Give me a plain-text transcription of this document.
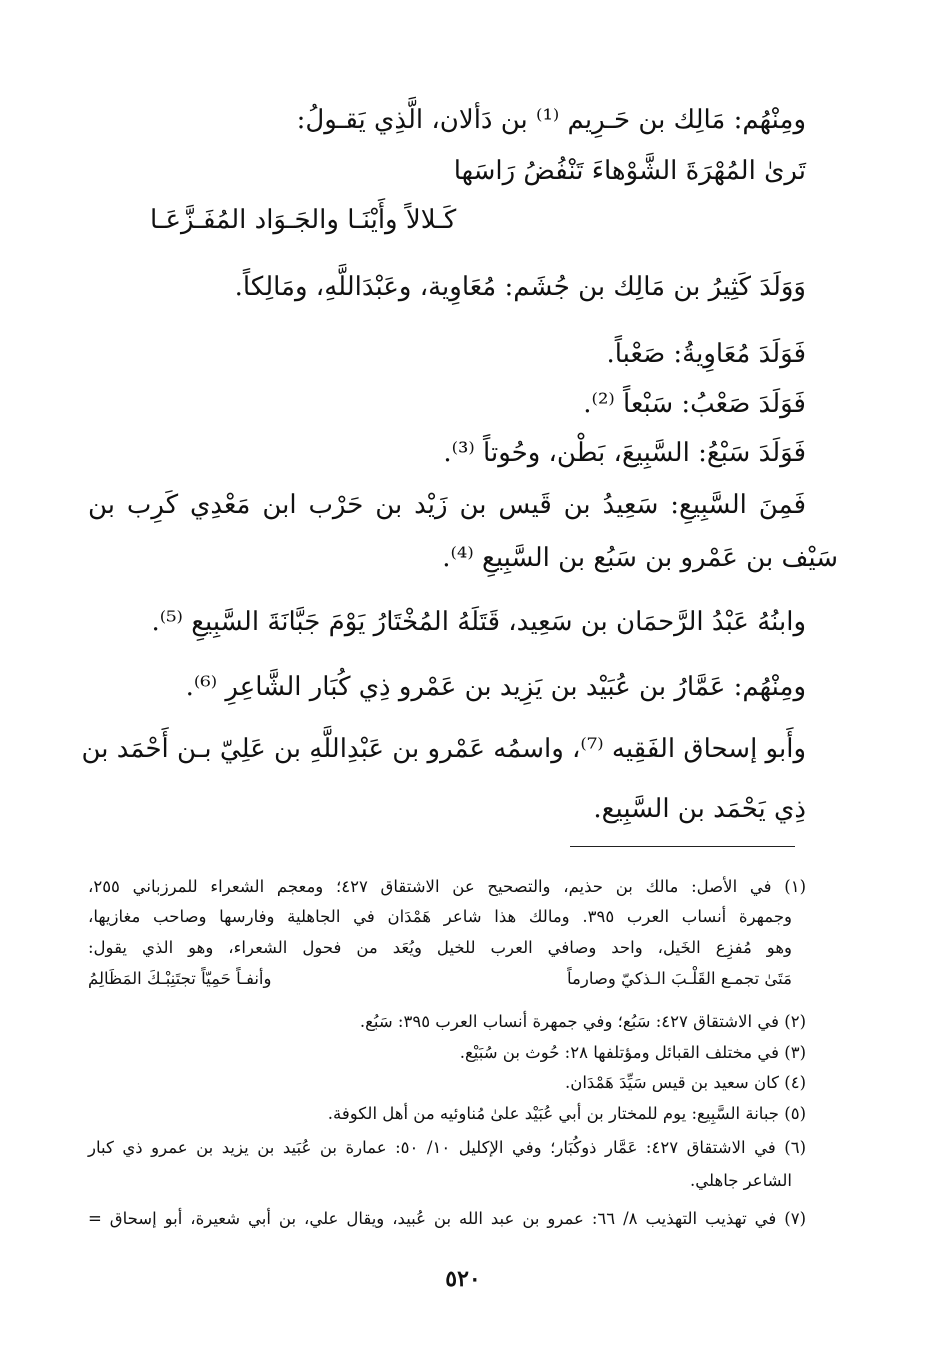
ومِنْهُم: مَالِك بن حَـرِيم ⁽¹⁾ بن دَألان، الَّذِي يَقـولُ:
تَرىٰ المُهْرَةَ الشَّوْهاءَ تَنْفُضُ رَاسَها
كَـلالاً وأَيْنَـا والجَـوَاد المُفَـزَّعَـا
وَوَلَدَ كَثِيرُ بن مَالِك بن جُشَم: مُعَاوِية، وعَبْدَاللَّهِ، ومَالِكاً.
فَوَلَدَ مُعَاوِيةُ: صَعْباً.
فَوَلَدَ صَعْبُ: سَبْعاً ⁽²⁾.
فَوَلَدَ سَبْعُ: السَّبِيعَ، بَطْن، وحُوتاً ⁽³⁾.
فَمِنَ السَّبِيعِ: سَعِيدُ بن قَيس بن زَيْد بن حَرْب ابن مَعْدِي كَرِب بن
سَيْف بن عَمْرو بن سَبُع بن السَّبِيعِ ⁽⁴⁾.
وابنُهُ عَبْدُ الرَّحمَان بن سَعِيد، قَتَلَهُ المُخْتَارُ يَوْمَ جَبَّانَةَ السَّبِيعِ ⁽⁵⁾.
ومِنْهُم: عَمَّارُ بن عُبَيْد بن يَزِيد بن عَمْرو ذِي كُبَار الشَّاعِرِ ⁽⁶⁾.
وأَبو إسحاق الفَقِيه ⁽⁷⁾، واسمُه عَمْرو بن عَبْدِاللَّهِ بن عَلِيّ بـن أَحْمَد بن
ذِي يَحْمَد بن السَّبِيع.
(١) في الأصل: مالك بن حذيم، والتصحيح عن الاشتقاق ٤٢٧؛ ومعجم الشعراء للمرزباني ٢٥٥،
وجمهرة أنساب العرب ٣٩٥. ومالك هذا شاعر هَمْدَان في الجاهلية وفارسها وصاحب مغازيها،
وهو مُفزِع الخَيل، واحد وصافي العرب للخيل ويُعَد من فحول الشعراء، وهو الذي يقول:
مَتَىٰ تجمـع القَلْـبَ الـذكيّ وصارماً
وأنفـاً حَمِيّاً تجتَنِبْـكَ المَظَالِمُ
(٢) في الاشتقاق ٤٢٧: سَبُع؛ وفي جمهرة أنساب العرب ٣٩٥: سَبُع.
(٣) في مختلف القبائل ومؤتلفها ٢٨: حُوث بن سُبَيْع.
(٤) كان سعيد بن قيس سَيِّدَ هَمْدَان.
(٥) جبانة السَّبِيع: يوم للمختار بن أبي عُبَيْد علىٰ مُناوئيه من أهل الكوفة.
(٦) في الاشتقاق ٤٢٧: عَمَّار ذوكُبَار؛ وفي الإكليل ١٠/ ٥٠: عمارة بن عُبَيد بن يزيد بن عمرو ذي كبار
الشاعر جاهلي.
(٧) في تهذيب التهذيب ٨/ ٦٦: عمرو بن عبد الله بن عُبيد، ويقال علي، بن أبي شعيرة، أبو إسحاق =
٥٢٠
